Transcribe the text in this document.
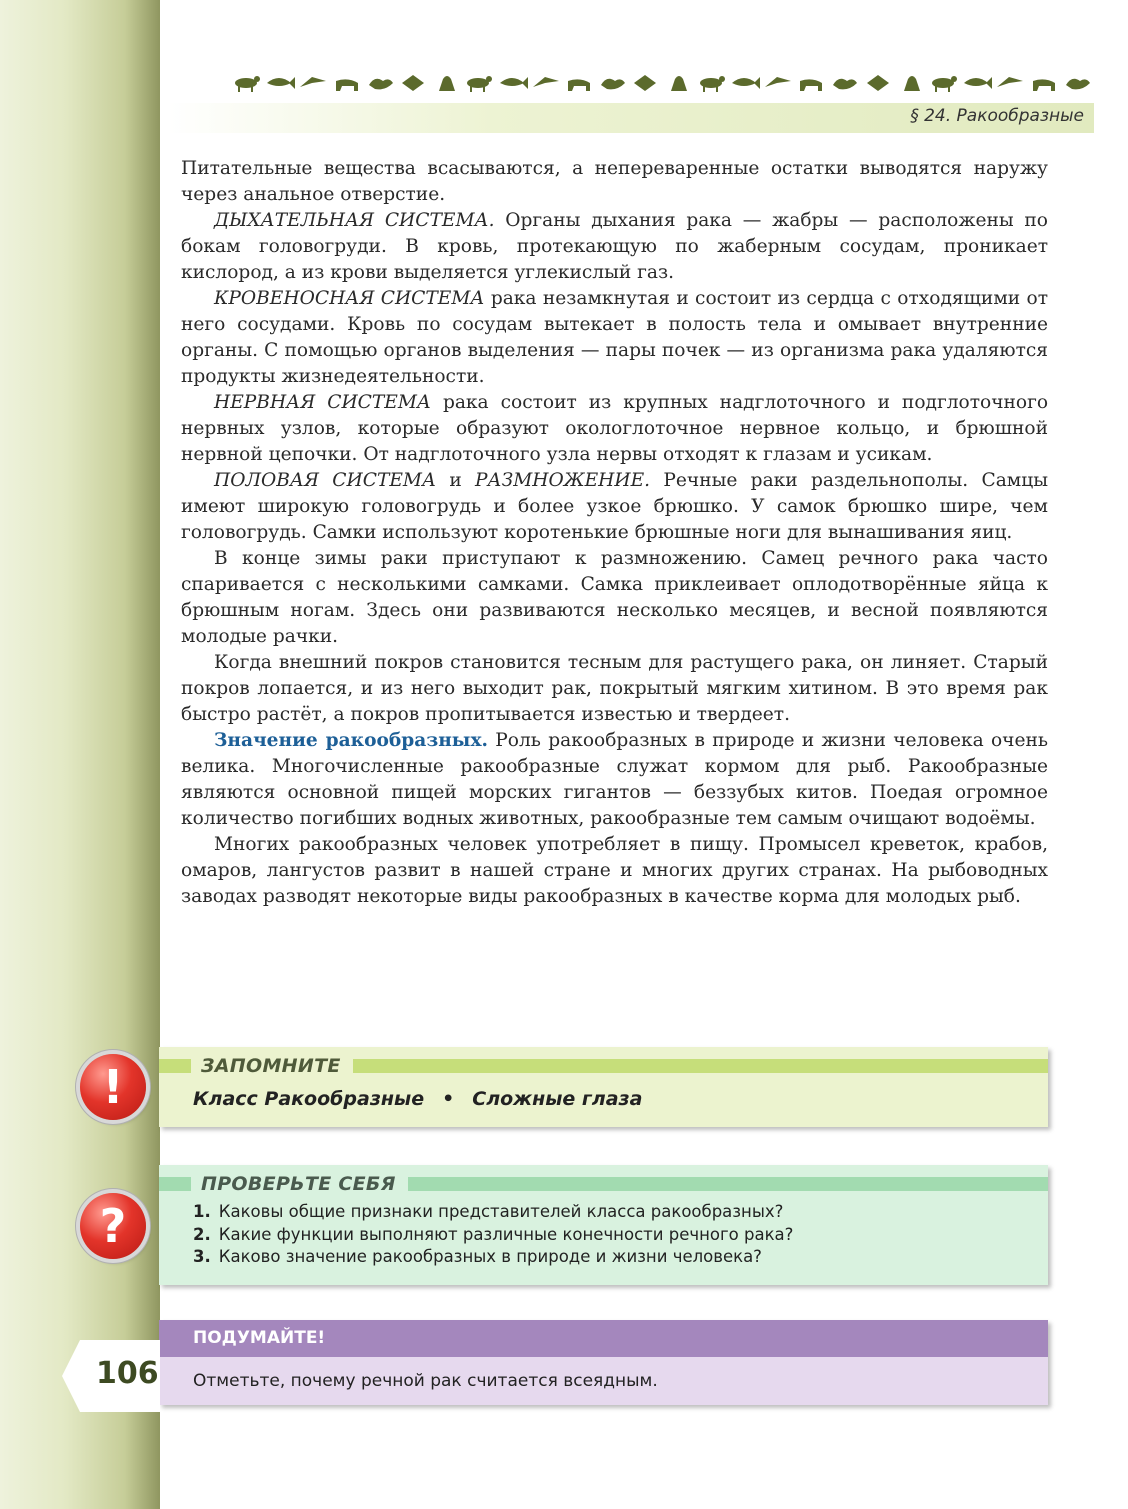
§ 24. Ракообразные

Питательные вещества всасываются, а непереваренные остатки выводятся наружу через анальное отверстие.

ДЫХАТЕЛЬНАЯ СИСТЕМА. Органы дыхания рака — жабры — расположены по бокам головогруди. В кровь, протекающую по жаберным сосудам, проникает кислород, а из крови выделяется углекислый газ.

КРОВЕНОСНАЯ СИСТЕМА рака незамкнутая и состоит из сердца с отходящими от него сосудами. Кровь по сосудам вытекает в полость тела и омывает внутренние органы. С помощью органов выделения — пары почек — из организма рака удаляются продукты жизнедеятельности.

НЕРВНАЯ СИСТЕМА рака состоит из крупных надглоточного и подглоточного нервных узлов, которые образуют окологлоточное нервное кольцо, и брюшной нервной цепочки. От надглоточного узла нервы отходят к глазам и усикам.

ПОЛОВАЯ СИСТЕМА и РАЗМНОЖЕНИЕ. Речные раки раздельнополы. Самцы имеют широкую головогрудь и более узкое брюшко. У самок брюшко шире, чем головогрудь. Самки используют коротенькие брюшные ноги для вынашивания яиц.

В конце зимы раки приступают к размножению. Самец речного рака часто спаривается с несколькими самками. Самка приклеивает оплодотворённые яйца к брюшным ногам. Здесь они развиваются несколько месяцев, и весной появляются молодые рачки.

Когда внешний покров становится тесным для растущего рака, он линяет. Старый покров лопается, и из него выходит рак, покрытый мягким хитином. В это время рак быстро растёт, а покров пропитывается известью и твердеет.

Значение ракообразных. Роль ракообразных в природе и жизни человека очень велика. Многочисленные ракообразные служат кормом для рыб. Ракообразные являются основной пищей морских гигантов — беззубых китов. Поедая огромное количество погибших водных животных, ракообразные тем самым очищают водоёмы.

Многих ракообразных человек употребляет в пищу. Промысел креветок, крабов, омаров, лангустов развит в нашей стране и многих других странах. На рыбоводных заводах разводят некоторые виды ракообразных в качестве корма для молодых рыб.

!	ЗАПОМНИТЕ
Класс Ракообразные • Сложные глаза
?
ПРОВЕРЬТЕ СЕБЯ
1. Каковы общие признаки представителей класса ракообразных?
2. Какие функции выполняют различные конечности речного рака?
3. Каково значение ракообразных в природе и жизни человека?
ПОДУМАЙТЕ!
Отметьте, почему речной рак считается всеядным.
106
